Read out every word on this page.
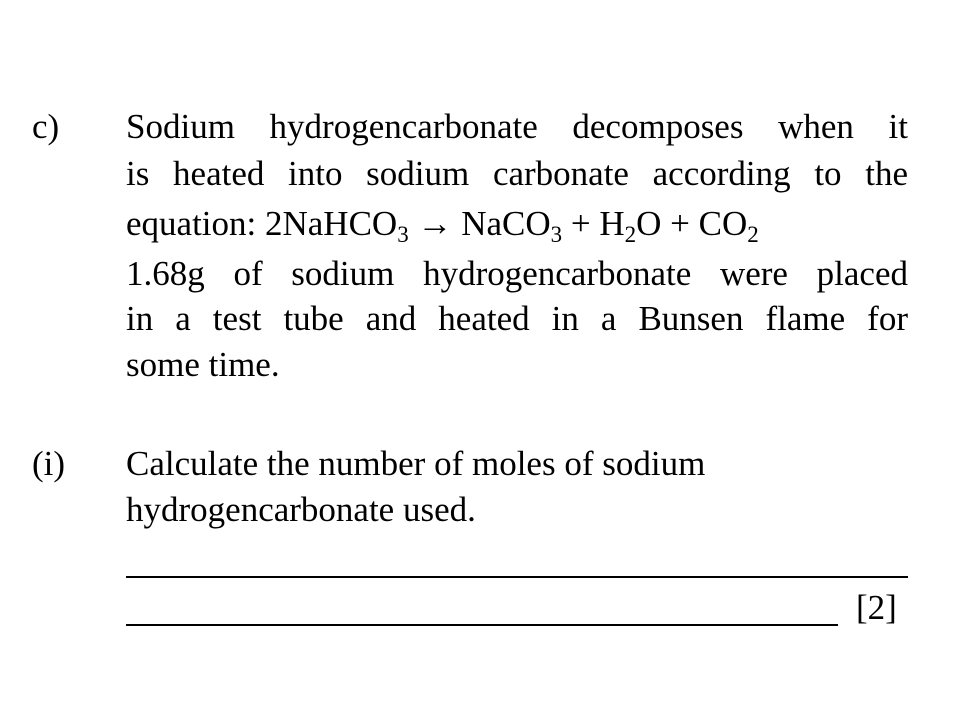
c) Sodium hydrogencarbonate decomposes when it
is heated into sodium carbonate according to the
equation: 2NaHCO$_3$ → NaCO$_3$ + $H_2O + CO_2$
1.68g of sodium hydrogencarbonate were placed
in a test tube and heated in a Bunsen flame for
some time.
(i) Calculate the number of moles of sodium
hydrogencarbonate used.
[2]
